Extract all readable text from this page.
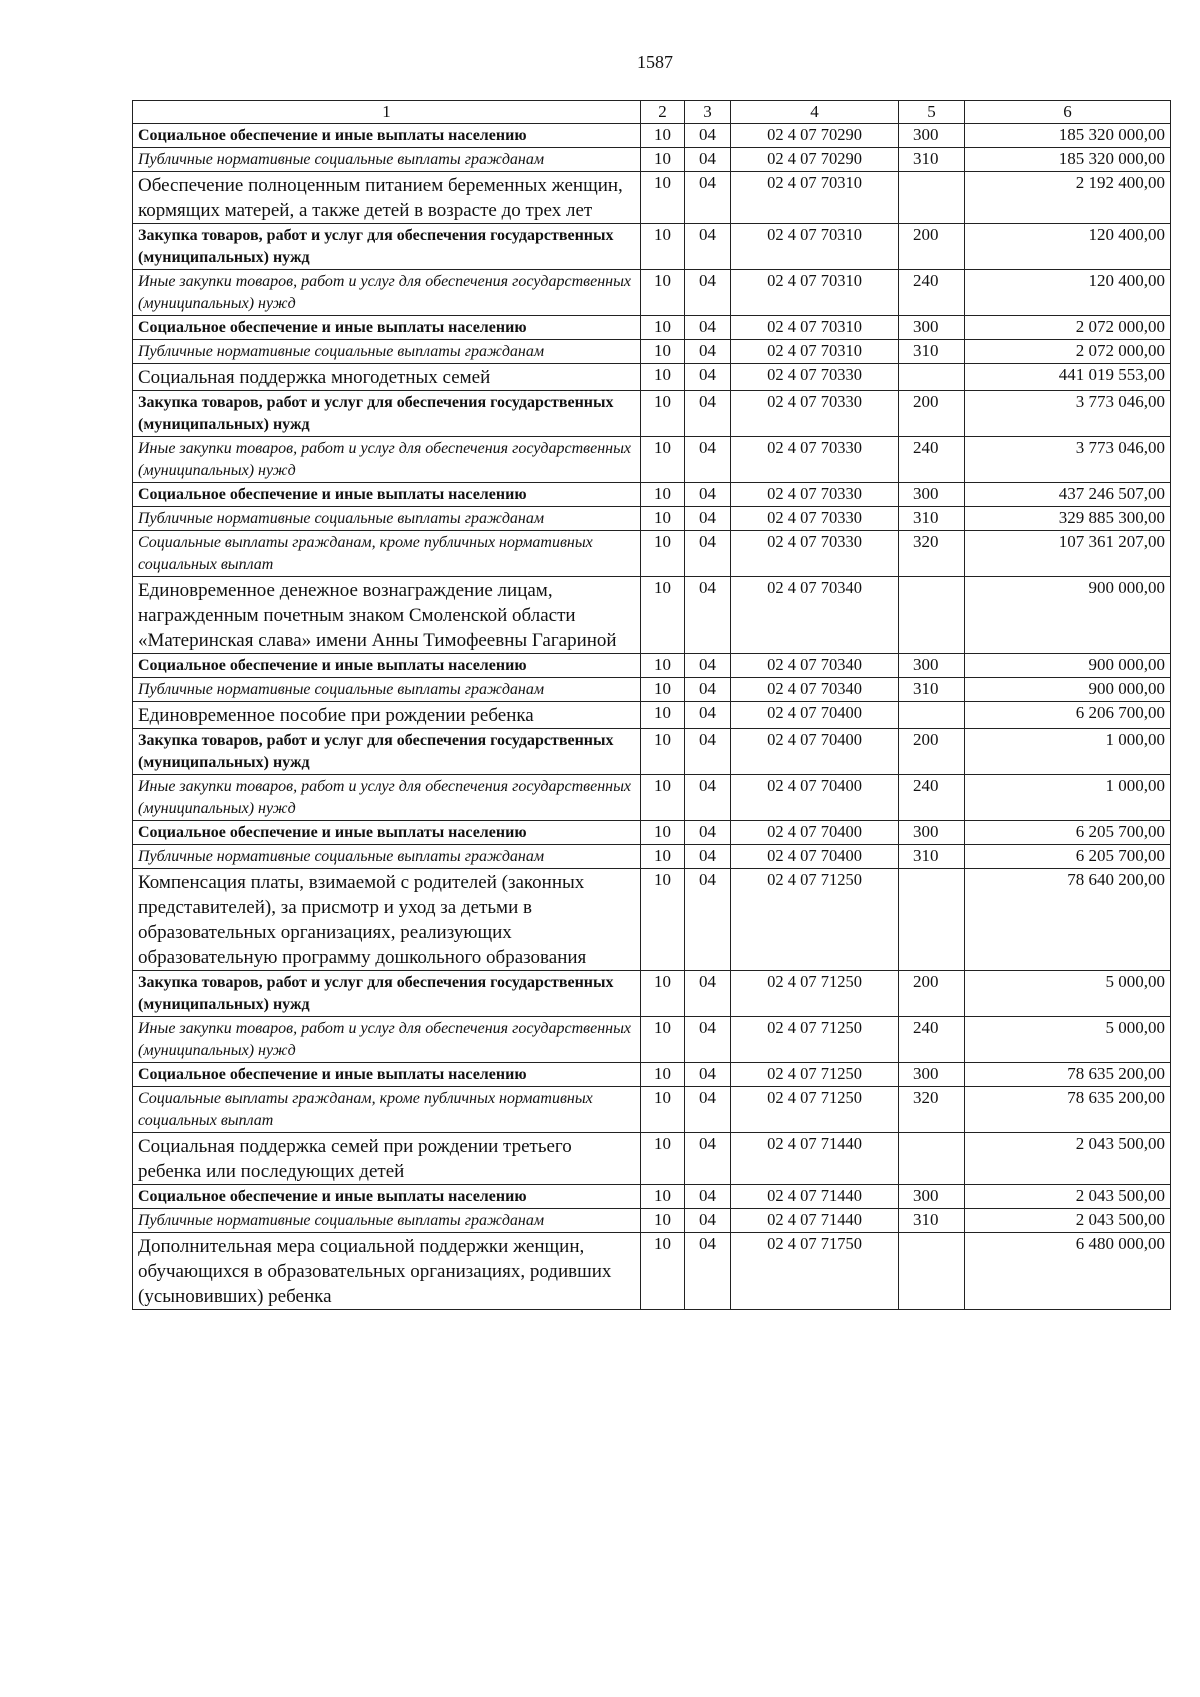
1587
1	2	3	4	5	6
Социальное обеспечение и иные выплаты населению	10	04	02 4 07 70290	300	185 320 000,00
Публичные нормативные социальные выплаты гражданам	10	04	02 4 07 70290	310	185 320 000,00
Обеспечение полноценным питанием беременных женщин, кормящих матерей, а также детей в возрасте до трех лет	10	04	02 4 07 70310		2 192 400,00
Закупка товаров, работ и услуг для обеспечения государственных (муниципальных) нужд	10	04	02 4 07 70310	200	120 400,00
Иные закупки товаров, работ и услуг для обеспечения государственных (муниципальных) нужд	10	04	02 4 07 70310	240	120 400,00
Социальное обеспечение и иные выплаты населению	10	04	02 4 07 70310	300	2 072 000,00
Публичные нормативные социальные выплаты гражданам	10	04	02 4 07 70310	310	2 072 000,00
Социальная поддержка многодетных семей	10	04	02 4 07 70330		441 019 553,00
Закупка товаров, работ и услуг для обеспечения государственных (муниципальных) нужд	10	04	02 4 07 70330	200	3 773 046,00
Иные закупки товаров, работ и услуг для обеспечения государственных (муниципальных) нужд	10	04	02 4 07 70330	240	3 773 046,00
Социальное обеспечение и иные выплаты населению	10	04	02 4 07 70330	300	437 246 507,00
Публичные нормативные социальные выплаты гражданам	10	04	02 4 07 70330	310	329 885 300,00
Социальные выплаты гражданам, кроме публичных нормативных социальных выплат	10	04	02 4 07 70330	320	107 361 207,00
Единовременное денежное вознаграждение лицам, награжденным почетным знаком Смоленской области «Материнская слава» имени Анны Тимофеевны Гагариной	10	04	02 4 07 70340		900 000,00
Социальное обеспечение и иные выплаты населению	10	04	02 4 07 70340	300	900 000,00
Публичные нормативные социальные выплаты гражданам	10	04	02 4 07 70340	310	900 000,00
Единовременное пособие при рождении ребенка	10	04	02 4 07 70400		6 206 700,00
Закупка товаров, работ и услуг для обеспечения государственных (муниципальных) нужд	10	04	02 4 07 70400	200	1 000,00
Иные закупки товаров, работ и услуг для обеспечения государственных (муниципальных) нужд	10	04	02 4 07 70400	240	1 000,00
Социальное обеспечение и иные выплаты населению	10	04	02 4 07 70400	300	6 205 700,00
Публичные нормативные социальные выплаты гражданам	10	04	02 4 07 70400	310	6 205 700,00
Компенсация платы, взимаемой с родителей (законных представителей), за присмотр и уход за детьми в образовательных организациях, реализующих образовательную программу дошкольного образования	10	04	02 4 07 71250		78 640 200,00
Закупка товаров, работ и услуг для обеспечения государственных (муниципальных) нужд	10	04	02 4 07 71250	200	5 000,00
Иные закупки товаров, работ и услуг для обеспечения государственных (муниципальных) нужд	10	04	02 4 07 71250	240	5 000,00
Социальное обеспечение и иные выплаты населению	10	04	02 4 07 71250	300	78 635 200,00
Социальные выплаты гражданам, кроме публичных нормативных социальных выплат	10	04	02 4 07 71250	320	78 635 200,00
Социальная поддержка семей при рождении третьего ребенка или последующих детей	10	04	02 4 07 71440		2 043 500,00
Социальное обеспечение и иные выплаты населению	10	04	02 4 07 71440	300	2 043 500,00
Публичные нормативные социальные выплаты гражданам	10	04	02 4 07 71440	310	2 043 500,00
Дополнительная мера социальной поддержки женщин, обучающихся в образовательных организациях, родивших (усыновивших) ребенка	10	04	02 4 07 71750		6 480 000,00
